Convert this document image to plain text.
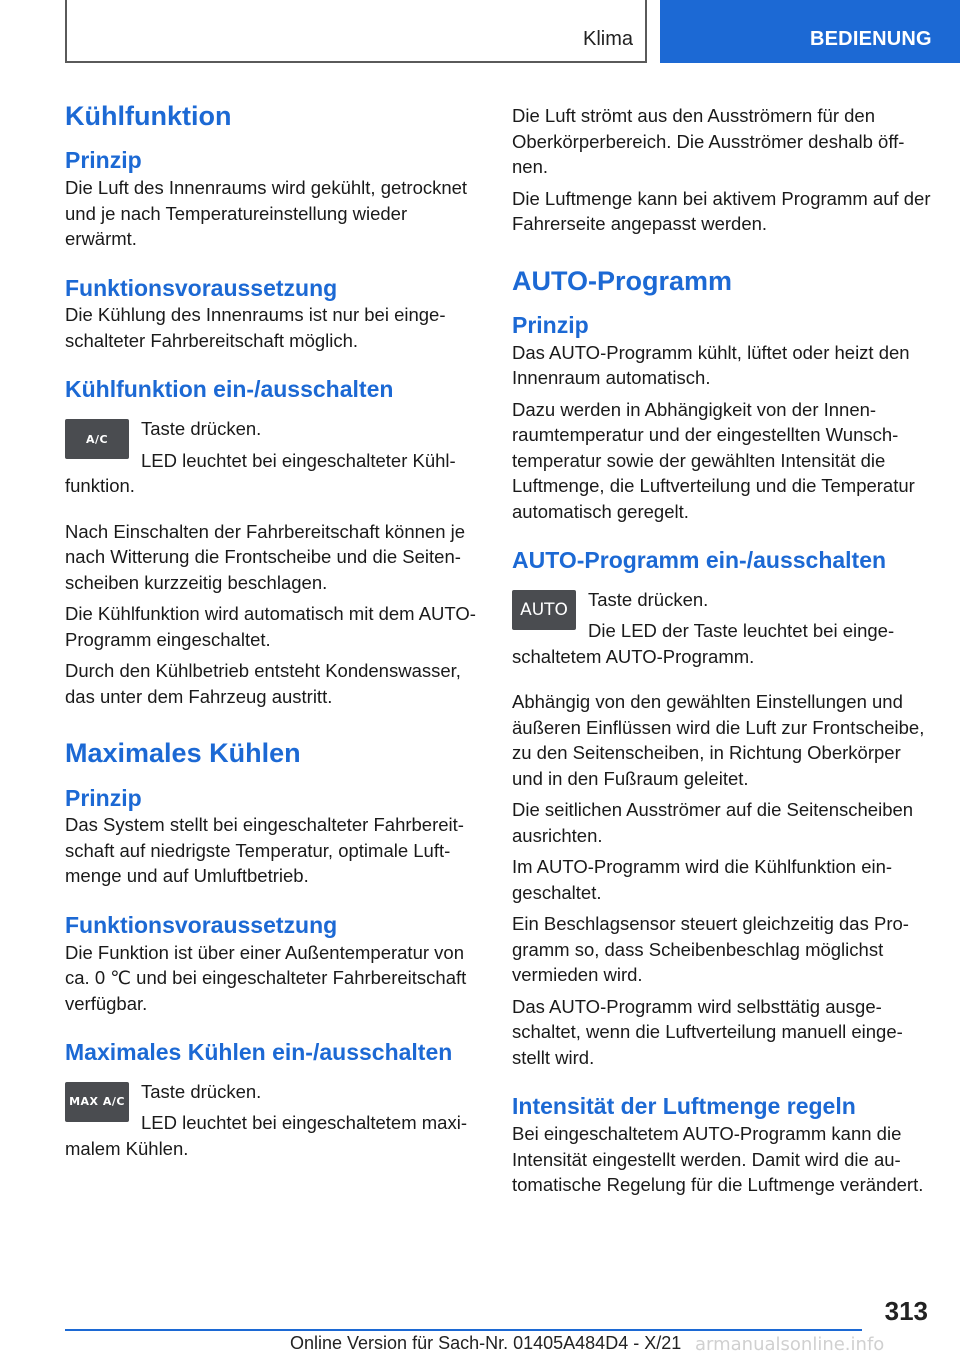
Klima	BEDIENUNG
Kühlfunktion
Prinzip

Die Luft des Innenraums wird gekühlt, getrocknet und je nach Temperatureinstellung wieder erwärmt.

Funktionsvoraussetzung

Die Kühlung des Innenraums ist nur bei eingeschalteter Fahrbereitschaft möglich.

Kühlfunktion ein-/ausschalten
A/C	Taste drücken.

LED leuchtet bei eingeschalteter Kühlfunktion.

Nach Einschalten der Fahrbereitschaft können je nach Witterung die Frontscheibe und die Seitenscheiben kurzzeitig beschlagen.

Die Kühlfunktion wird automatisch mit dem AUTO-Programm eingeschaltet.

Durch den Kühlbetrieb entsteht Kondenswasser, das unter dem Fahrzeug austritt.

Maximales Kühlen
Prinzip

Das System stellt bei eingeschalteter Fahrbereitschaft auf niedrigste Temperatur, optimale Luftmenge und auf Umluftbetrieb.

Funktionsvoraussetzung

Die Funktion ist über einer Außentemperatur von ca. 0 ℃ und bei eingeschalteter Fahrbereitschaft verfügbar.

Maximales Kühlen ein-/ausschalten
MAX A/C Taste drücken.

LED leuchtet bei eingeschaltetem maximalem Kühlen.

Die Luft strömt aus den Ausströmern für den Oberkörperbereich. Die Ausströmer deshalb öffnen.

Die Luftmenge kann bei aktivem Programm auf der Fahrerseite angepasst werden.

AUTO-Programm
Prinzip

Das AUTO-Programm kühlt, lüftet oder heizt den Innenraum automatisch.

Dazu werden in Abhängigkeit von der Innenraumtemperatur und der eingestellten Wunschtemperatur sowie der gewählten Intensität die Luftmenge, die Luftverteilung und die Temperatur automatisch geregelt.

AUTO-Programm ein-/ausschalten
AUTO	Taste drücken.

Die LED der Taste leuchtet bei eingeschaltetem AUTO-Programm.

Abhängig von den gewählten Einstellungen und äußeren Einflüssen wird die Luft zur Frontscheibe, zu den Seitenscheiben, in Richtung Oberkörper und in den Fußraum geleitet.

Die seitlichen Ausströmer auf die Seitenscheiben ausrichten.

Im AUTO-Programm wird die Kühlfunktion eingeschaltet.

Ein Beschlagsensor steuert gleichzeitig das Programm so, dass Scheibenbeschlag möglichst vermieden wird.

Das AUTO-Programm wird selbsttätig ausgeschaltet, wenn die Luftverteilung manuell eingestellt wird.

Intensität der Luftmenge regeln

Bei eingeschaltetem AUTO-Programm kann die Intensität eingestellt werden. Damit wird die automatische Regelung für die Luftmenge verändert.

313
Online Version für Sach-Nr. 01405A484D4 - X/21 armanualsonline.info
